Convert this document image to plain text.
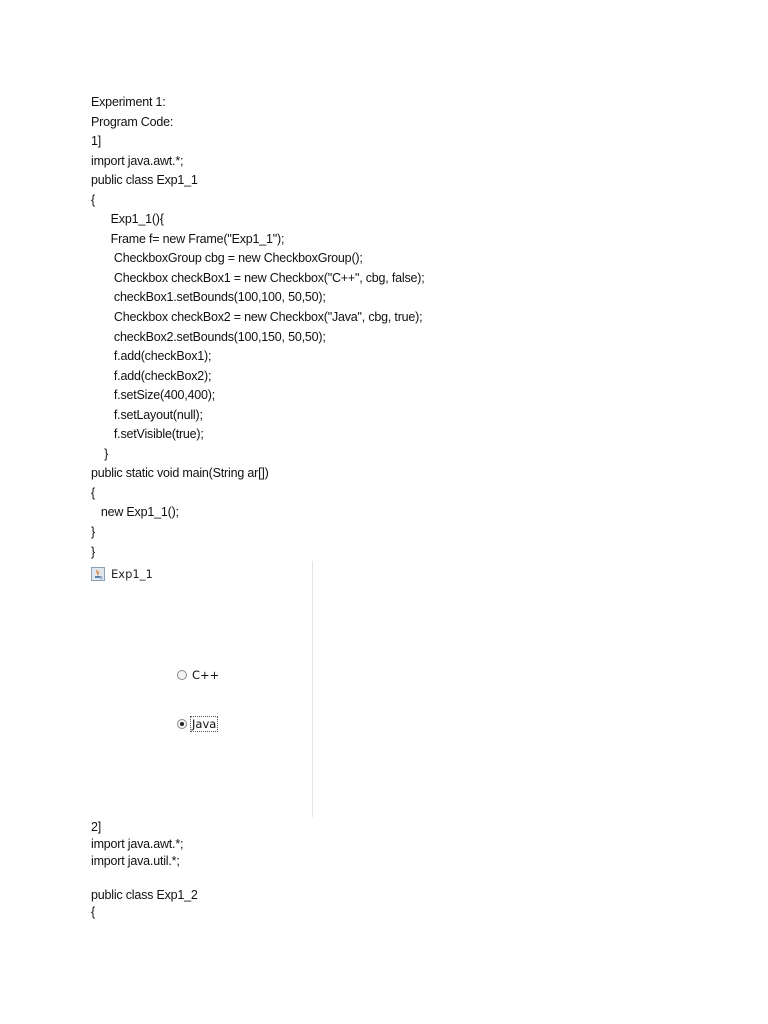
Experiment 1:
Program Code:
1]
import java.awt.*;
public class Exp1_1
{
Exp1_1(){
Frame f= new Frame("Exp1_1");
CheckboxGroup cbg = new CheckboxGroup();
Checkbox checkBox1 = new Checkbox("C++", cbg, false);
checkBox1.setBounds(100,100, 50,50);
Checkbox checkBox2 = new Checkbox("Java", cbg, true);
checkBox2.setBounds(100,150, 50,50);
f.add(checkBox1);
f.add(checkBox2);
f.setSize(400,400);
f.setLayout(null);
f.setVisible(true);
}
public static void main(String ar[])
{
new Exp1_1();
}
}
Exp1_1
C++
Java
2]
import java.awt.*;
import java.util.*;
public class Exp1_2
{
